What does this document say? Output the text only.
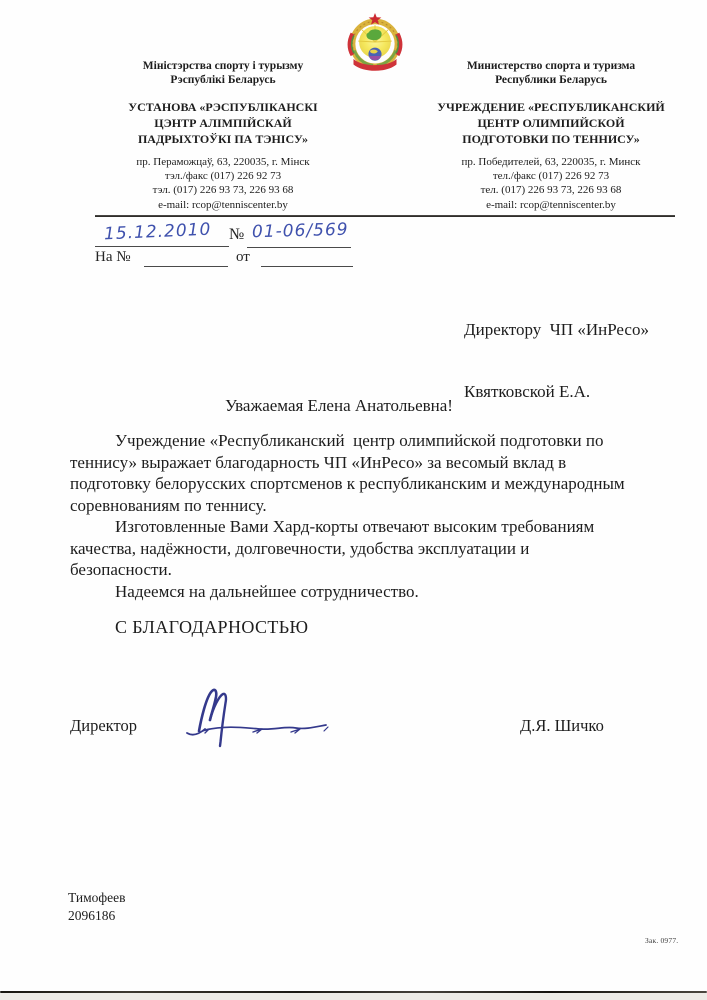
Міністэрства спорту і турызму
Рэспублікі Беларусь
УСТАНОВА «РЭСПУБЛІКАНСКІ
ЦЭНТР АЛІМПІЙСКАЙ
ПАДРЫХТОЎКІ ПА ТЭНІСУ»
пр. Пераможцаў, 63, 220035, г. Мінск
тэл./факс (017) 226 92 73
тэл. (017) 226 93 73, 226 93 68
e-mail: rcop@tenniscenter.by
Министерство спорта и туризма
Республики Беларусь
УЧРЕЖДЕНИЕ «РЕСПУБЛИКАНСКИЙ
ЦЕНТР ОЛИМПИЙСКОЙ
ПОДГОТОВКИ ПО ТЕННИСУ»
пр. Победителей, 63, 220035, г. Минск
тел./факс (017) 226 92 73
тел. (017) 226 93 73, 226 93 68
e-mail: rcop@tenniscenter.by
15.12.2010 № 01-06/569
На №	от

Директору  ЧП «ИнРесо»

Квятковской Е.А.

Уважаемая Елена Анатольевна!
Учреждение «Республиканский  центр олимпийской подготовки по
теннису» выражает благодарность ЧП «ИнРесо» за весомый вклад в
подготовку белорусских спортсменов к республиканским и международным
соревнованиям по теннису.
Изготовленные Вами Хард-корты отвечают высоким требованиям
качества, надёжности, долговечности, удобства эксплуатации и
безопасности.
Надеемся на дальнейшее сотрудничество.
С БЛАГОДАРНОСТЬЮ
Директор	Д.Я. Шичко
Тимофеев
2096186
Зак. 0977.
